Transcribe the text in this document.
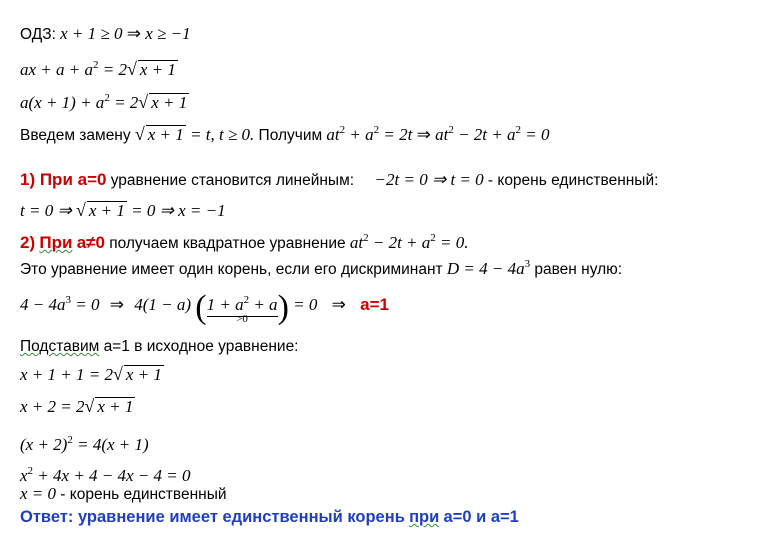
ОДЗ: x + 1 ≥ 0 ⇒ x ≥ −1
ax + $a + a^2 = 2√$ x + 1
$a(x + 1) + a^2 = 2√$ x + 1
Введем замену √ x + 1 = t, t ≥ 0. Получим $at^2 + a^2 = 2t$ ⇒ $at^2 - 2t + a^2 = 0$
1) При a=0 уравнение становится линейным: −2t = 0 ⇒ t = 0 - корень единственный:
t = 0 ⇒ √ x + 1 = 0 ⇒ x = −1
2) При a≠0 получаем квадратное уравнение $at^2 - 2t + a^2 = 0$.
Это уравнение имеет один корень, если его дискриминант $D = 4 - 4a^3$ равен нулю:
$4 - 4a^3 = 0$ ⇒ 4(1 − a) ($1 + a^2 + a$
>0 ) = 0 ⇒ a=1
Подставим a=1 в исходное уравнение:
x + 1 + 1 = 2√ x + 1
x + 2 = 2√ x + 1
$(x + 2)^2 = 4(x + 1)$
$x^2 + 4x + 4 - 4x - 4 = 0$
x = 0 - корень единственный
Ответ: уравнение имеет единственный корень при a=0 и a=1
